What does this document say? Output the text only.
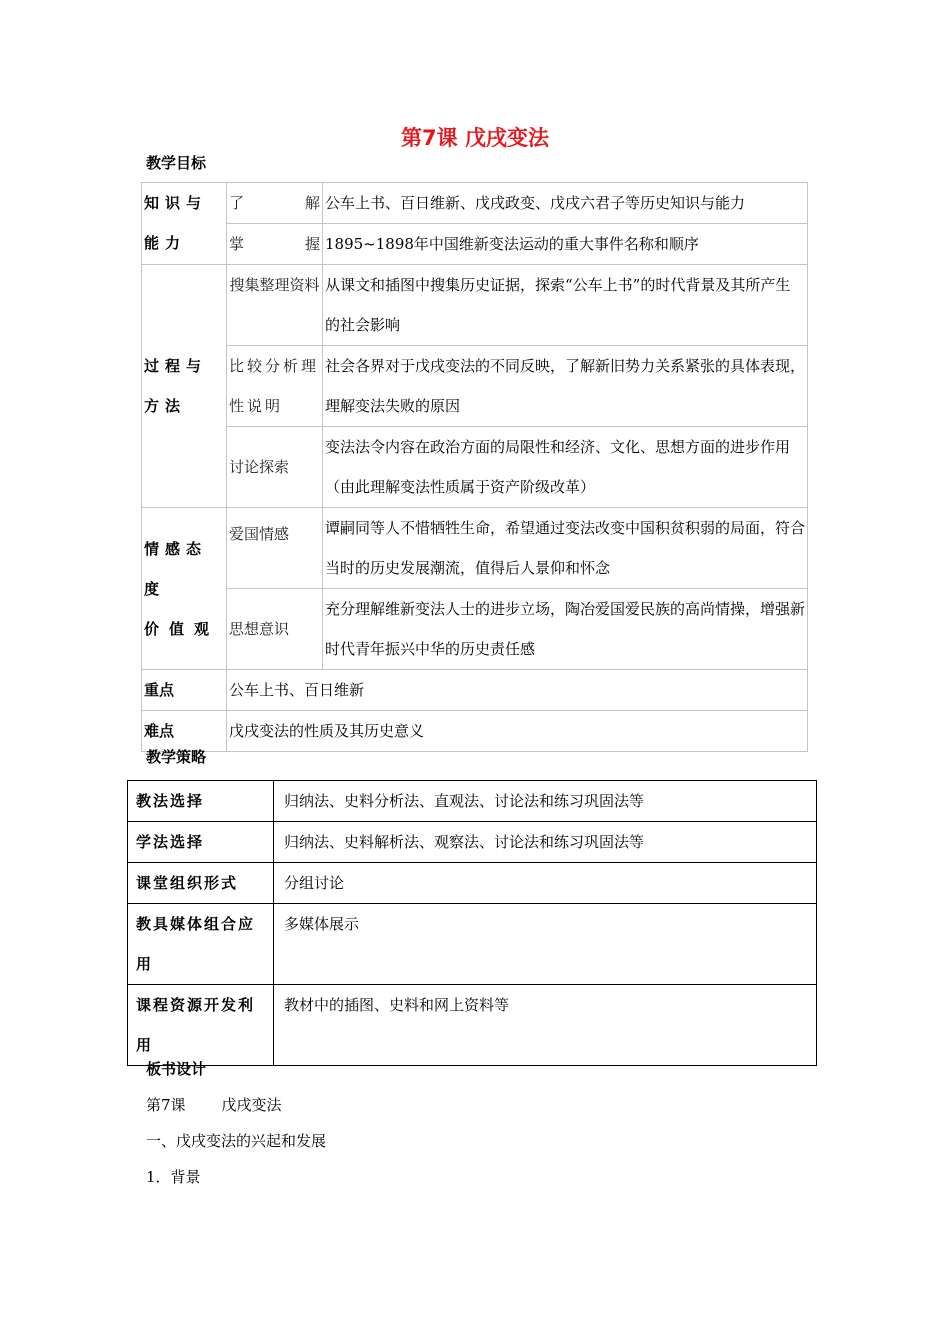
第7课 戊戌变法
教学目标
知识与能力	了 解	公车上书、百日维新、戊戌政变、戊戌六君子等历史知识与能力

	掌 握	1895~1898年中国维新变法运动的重大事件名称和顺序
过程与方法	搜集整理资料	从课文和插图中搜集历史证据，探索“公车上书”的时代背景及其所产生的社会影响
	比较分析理性说明	社会各界对于戊戌变法的不同反映，了解新旧势力关系紧张的具体表现，理解变法失败的原因
	讨论探索	变法法令内容在政治方面的局限性和经济、文化、思想方面的进步作用（由此理解变法性质属于资产阶级改革）

情感态度
价值观	爱国情感	谭嗣同等人不惜牺牲生命，希望通过变法改变中国积贫积弱的局面，符合当时的历史发展潮流，值得后人景仰和怀念
	思想意识	充分理解维新变法人士的进步立场，陶冶爱国爱民族的高尚情操，增强新时代青年振兴中华的历史责任感
重点	公车上书、百日维新	
难点	戊戌变法的性质及其历史意义	
教学策略
教法选择	归纳法、史料分析法、直观法、讨论法和练习巩固法等
学法选择	归纳法、史料解析法、观察法、讨论法和练习巩固法等
课堂组织形式	分组讨论
教具媒体组合应用	多媒体展示
课程资源开发利用	教材中的插图、史料和网上资料等
板书设计
第7课 戊戌变法
一、戊戌变法的兴起和发展
1．背景
